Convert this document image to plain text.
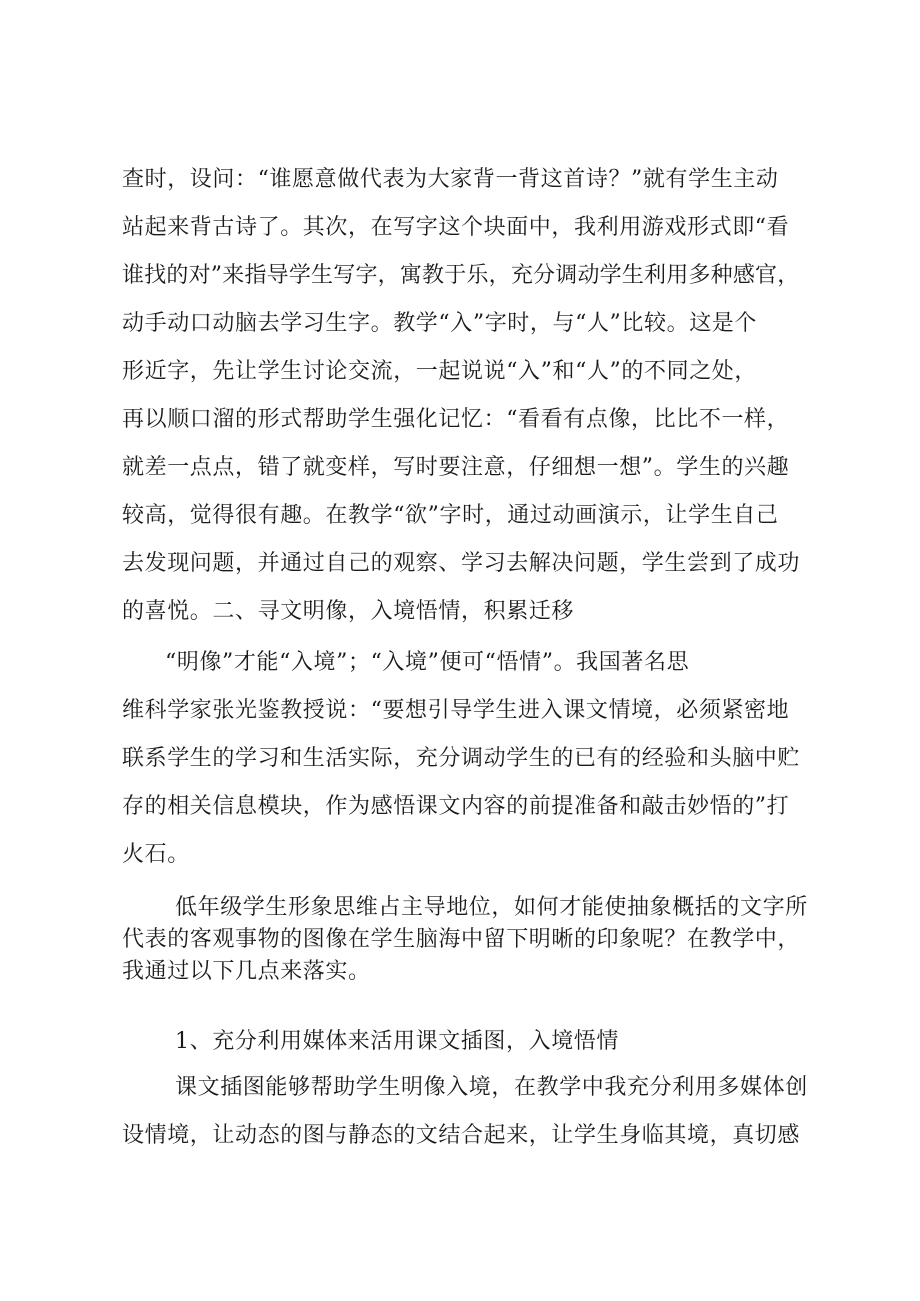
查时，设问：“谁愿意做代表为大家背一背这首诗？”就有学生主动
站起来背古诗了。其次，在写字这个块面中，我利用游戏形式即“看
谁找的对”来指导学生写字，寓教于乐，充分调动学生利用多种感官，
动手动口动脑去学习生字。教学“入”字时，与“人”比较。这是个
形近字，先让学生讨论交流，一起说说“入”和“人”的不同之处，
再以顺口溜的形式帮助学生强化记忆：“看看有点像，比比不一样，
就差一点点，错了就变样，写时要注意，仔细想一想”。学生的兴趣
较高，觉得很有趣。在教学“欲”字时，通过动画演示，让学生自己
去发现问题，并通过自己的观察、学习去解决问题，学生尝到了成功
的喜悦。二、寻文明像，入境悟情，积累迁移
“明像”才能“入境”；“入境”便可“悟情”。我国著名思
维科学家张光鉴教授说：“要想引导学生进入课文情境，必须紧密地
联系学生的学习和生活实际，充分调动学生的已有的经验和头脑中贮
存的相关信息模块，作为感悟课文内容的前提准备和敲击妙悟的”打
火石。
低年级学生形象思维占主导地位，如何才能使抽象概括的文字所
代表的客观事物的图像在学生脑海中留下明晰的印象呢？在教学中，
我通过以下几点来落实。
1、充分利用媒体来活用课文插图，入境悟情
课文插图能够帮助学生明像入境，在教学中我充分利用多媒体创
设情境，让动态的图与静态的文结合起来，让学生身临其境，真切感
